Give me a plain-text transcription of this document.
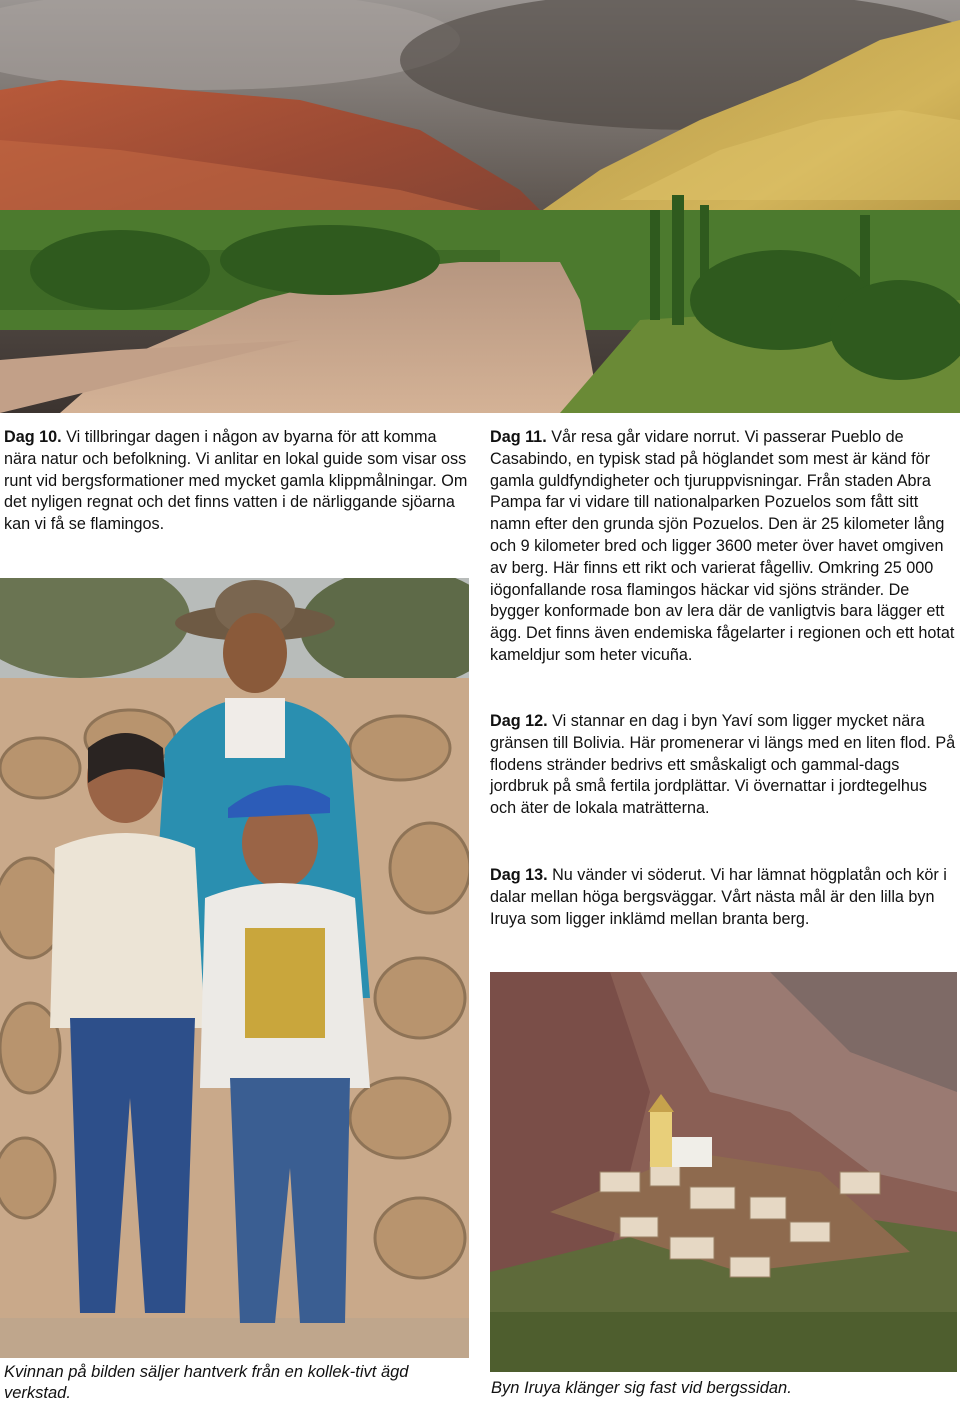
Dag 10. Vi tillbringar dagen i någon av byarna för att komma nära natur och befolkning. Vi anlitar en lokal guide som visar oss runt vid bergsformationer med mycket gamla klippmålningar. Om det nyligen regnat och det finns vatten i de närliggande sjöarna kan vi få se flamingos.
Dag 11. Vår resa går vidare norrut. Vi passerar Pueblo de Casabindo, en typisk stad på höglandet som mest är känd för gamla guldfyndigheter och tjuruppvisningar. Från staden Abra Pampa far vi vidare till nationalparken Pozuelos som fått sitt namn efter den grunda sjön Pozuelos. Den är 25 kilometer lång och 9 kilometer bred och ligger 3600 meter över havet omgiven av berg. Här finns ett rikt och varierat fågelliv. Omkring 25 000 iögonfallande rosa flamingos häckar vid sjöns stränder. De bygger konformade bon av lera där de vanligtvis bara lägger ett ägg. Det finns även endemiska fågelarter i regionen och ett hotat kameldjur som heter vicuña.
Dag 12. Vi stannar en dag i byn Yaví som ligger mycket nära gränsen till Bolivia. Här promenerar vi längs med en liten flod. På flodens stränder bedrivs ett småskaligt och gammal-dags jordbruk på små fertila jordplättar. Vi övernattar i jordtegelhus och äter de lokala maträtterna.
Dag 13. Nu vänder vi söderut. Vi har lämnat högplatån och kör i dalar mellan höga bergsväggar. Vårt nästa mål är den lilla byn Iruya som ligger inklämd mellan branta berg.
Kvinnan på bilden säljer hantverk från en kollek-tivt ägd verkstad.	Byn Iruya klänger sig fast vid bergssidan.
